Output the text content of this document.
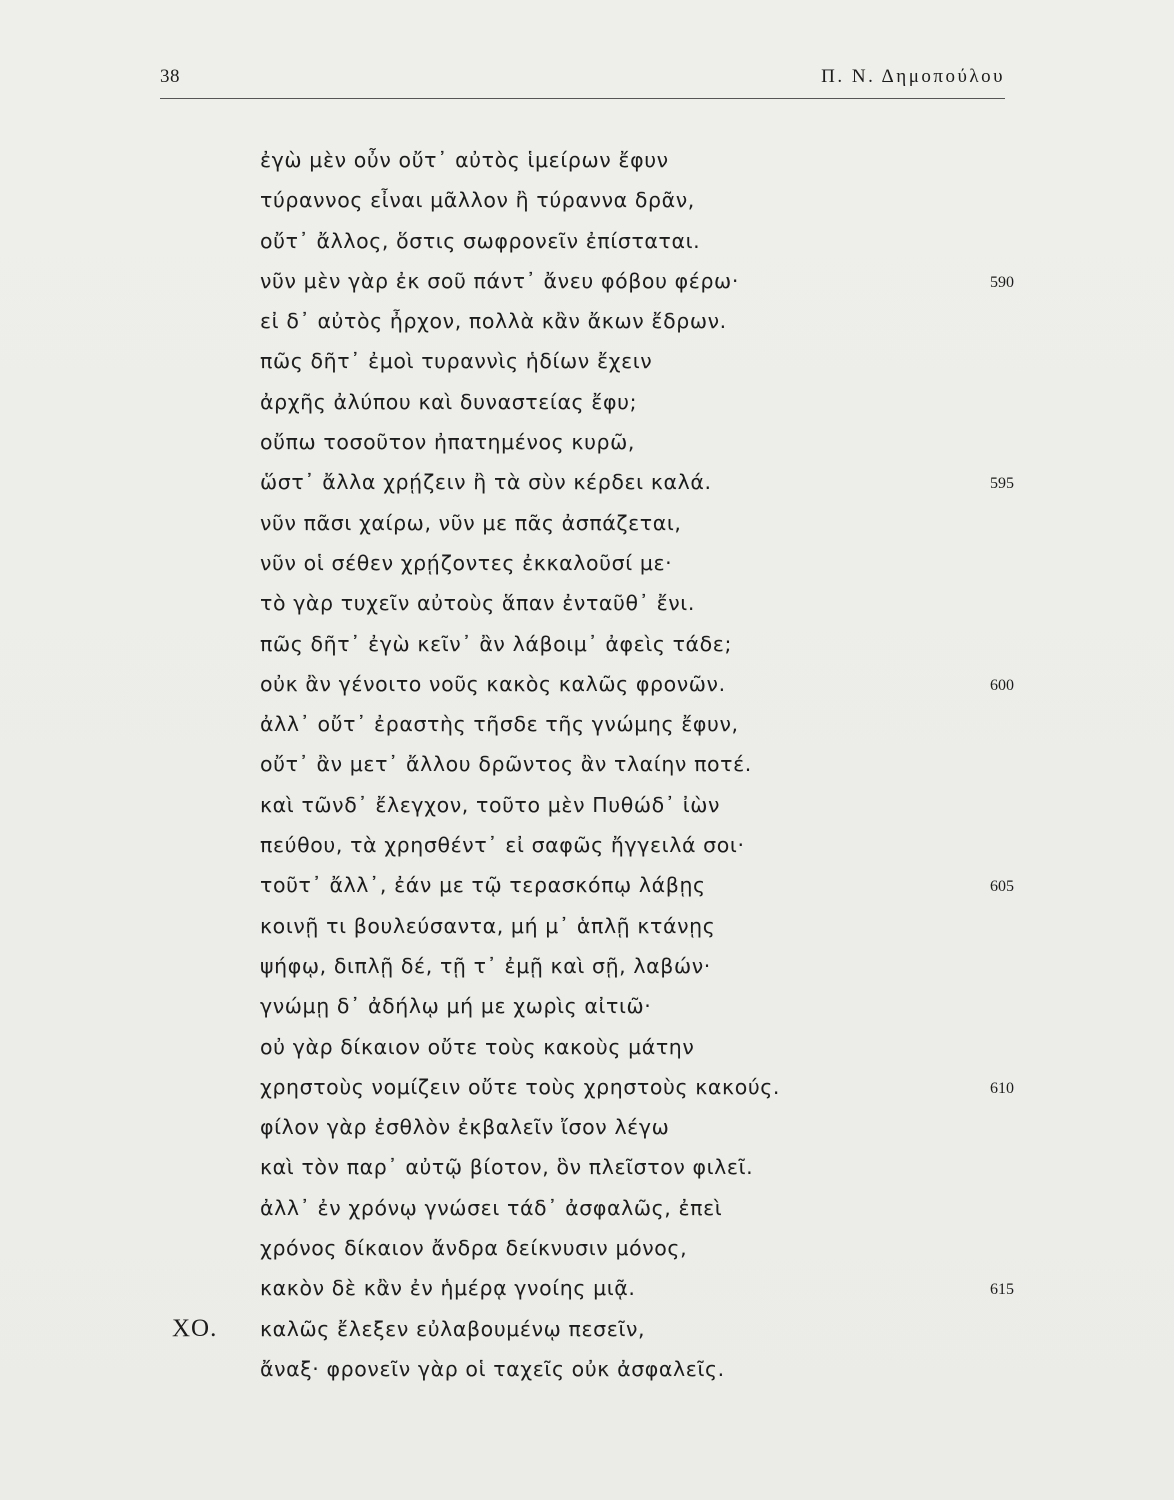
38	Π. Ν. Δημοπούλου
ἐγὼ μὲν οὖν οὔτ᾽ αὐτὸς ἱμείρων ἔφυν
τύραννος εἶναι μᾶλλον ἢ τύραννα δρᾶν,
οὔτ᾽ ἄλλος, ὅστις σωφρονεῖν ἐπίσταται.
νῦν μὲν γὰρ ἐκ σοῦ πάντ᾽ ἄνευ φόβου φέρω·	590
εἰ δ᾽ αὐτὸς ἦρχον, πολλὰ κἂν ἄκων ἔδρων.
πῶς δῆτ᾽ ἐμοὶ τυραννὶς ἡδίων ἔχειν
ἀρχῆς ἀλύπου καὶ δυναστείας ἔφυ;
οὔπω τοσοῦτον ἠπατημένος κυρῶ,
ὥστ᾽ ἄλλα χρῄζειν ἢ τὰ σὺν κέρδει καλά.	595
νῦν πᾶσι χαίρω, νῦν με πᾶς ἀσπάζεται,
νῦν οἱ σέθεν χρῄζοντες ἐκκαλοῦσί με·
τὸ γὰρ τυχεῖν αὐτοὺς ἅπαν ἐνταῦθ᾽ ἔνι.
πῶς δῆτ᾽ ἐγὼ κεῖν᾽ ἂν λάβοιμ᾽ ἀφεὶς τάδε;
οὐκ ἂν γένοιτο νοῦς κακὸς καλῶς φρονῶν.	600
ἀλλ᾽ οὔτ᾽ ἐραστὴς τῆσδε τῆς γνώμης ἔφυν,
οὔτ᾽ ἂν μετ᾽ ἄλλου δρῶντος ἂν τλαίην ποτέ.
καὶ τῶνδ᾽ ἔλεγχον, τοῦτο μὲν Πυθώδ᾽ ἰὼν
πεύθου, τὰ χρησθέντ᾽ εἰ σαφῶς ἤγγειλά σοι·
τοῦτ᾽ ἄλλ᾽, ἐάν με τῷ τερασκόπῳ λάβῃς	605
κοινῇ τι βουλεύσαντα, μή μ᾽ ἁπλῇ κτάνῃς
ψήφῳ, διπλῇ δέ, τῇ τ᾽ ἐμῇ καὶ σῇ, λαβών·
γνώμῃ δ᾽ ἀδήλῳ μή με χωρὶς αἰτιῶ·
οὐ γὰρ δίκαιον οὔτε τοὺς κακοὺς μάτην
χρηστοὺς νομίζειν οὔτε τοὺς χρηστοὺς κακούς.	610
φίλον γὰρ ἐσθλὸν ἐκβαλεῖν ἴσον λέγω
καὶ τὸν παρ᾽ αὐτῷ βίοτον, ὃν πλεῖστον φιλεῖ.
ἀλλ᾽ ἐν χρόνῳ γνώσει τάδ᾽ ἀσφαλῶς, ἐπεὶ
χρόνος δίκαιον ἄνδρα δείκνυσιν μόνος,
κακὸν δὲ κἂν ἐν ἡμέρᾳ γνοίης μιᾷ.	615
ΧΟ. καλῶς ἔλεξεν εὐλαβουμένῳ πεσεῖν,
ἄναξ· φρονεῖν γὰρ οἱ ταχεῖς οὐκ ἀσφαλεῖς.
